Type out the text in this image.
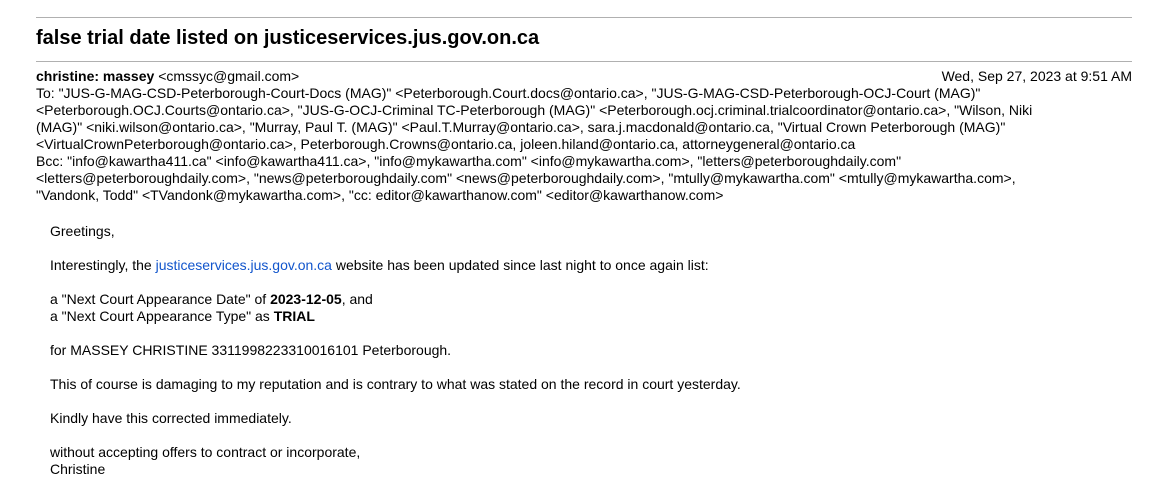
false trial date listed on justiceservices.jus.gov.on.ca
christine: massey <cmssyc@gmail.com>	Wed, Sep 27, 2023 at 9:51 AM
To: "JUS-G-MAG-CSD-Peterborough-Court-Docs (MAG)" <Peterborough.Court.docs@ontario.ca>, "JUS-G-MAG-CSD-Peterborough-OCJ-Court (MAG)"
<Peterborough.OCJ.Courts@ontario.ca>, "JUS-G-OCJ-Criminal TC-Peterborough (MAG)" <Peterborough.ocj.criminal.trialcoordinator@ontario.ca>, "Wilson, Niki
(MAG)" <niki.wilson@ontario.ca>, "Murray, Paul T. (MAG)" <Paul.T.Murray@ontario.ca>, sara.j.macdonald@ontario.ca, "Virtual Crown Peterborough (MAG)"
<VirtualCrownPeterborough@ontario.ca>, Peterborough.Crowns@ontario.ca, joleen.hiland@ontario.ca, attorneygeneral@ontario.ca
Bcc: "info@kawartha411.ca" <info@kawartha411.ca>, "info@mykawartha.com" <info@mykawartha.com>, "letters@peterboroughdaily.com"
<letters@peterboroughdaily.com>, "news@peterboroughdaily.com" <news@peterboroughdaily.com>, "mtully@mykawartha.com" <mtully@mykawartha.com>,
"Vandonk, Todd" <TVandonk@mykawartha.com>, "cc: editor@kawarthanow.com" <editor@kawarthanow.com>

Greetings,

Interestingly, the justiceservices.jus.gov.on.ca website has been updated since last night to once again list:

a "Next Court Appearance Date" of 2023-12-05, and
a "Next Court Appearance Type" as TRIAL

for MASSEY CHRISTINE 3311998223310016101 Peterborough.

This of course is damaging to my reputation and is contrary to what was stated on the record in court yesterday.

Kindly have this corrected immediately.

without accepting offers to contract or incorporate,
Christine
